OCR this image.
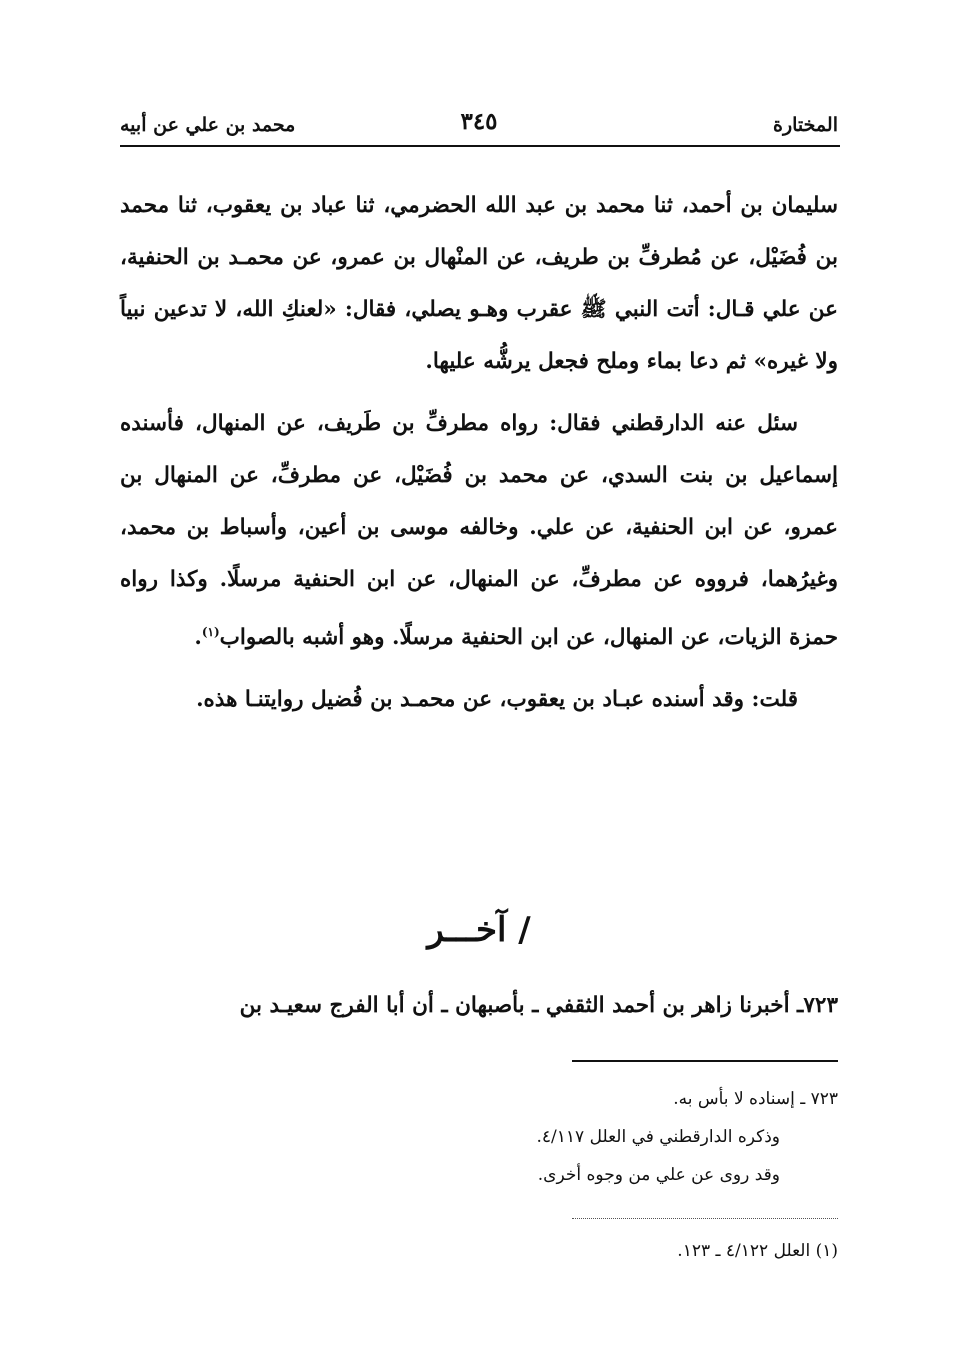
المختارة
٣٤٥
محمد بن علي عن أبيه

سليمان بن أحمد، ثنا محمد بن عبد الله الحضرمي، ثنا عباد بن يعقوب، ثنا محمد بن فُضَيْل، عن مُطرفِّ بن طريف، عن المنْهال بن عمرو، عن محمـد بن الحنفية، عن علي قـال: أتت النبي ﷺ عقرب وهـو يصلي، فقال: «لعنكِ الله، لا تدعين نبياً ولا غيره» ثم دعا بماء وملح فجعل يرشُّه عليها.

سئل عنه الدارقطني فقال: رواه مطرفِّ بن طَريف، عن المنهال، فأسنده إسماعيل بن بنت السدي، عن محمد بن فُضَيْل، عن مطرفِّ، عن المنهال بن عمرو، عن ابن الحنفية، عن علي. وخالفه موسى بن أعين، وأسباط بن محمد، وغيرُهما، فرووه عن مطرفِّ، عن المنهال، عن ابن الحنفية مرسلًا. وكذا رواه حمزة الزيات، عن المنهال، عن ابن الحنفية مرسلًا. وهو أشبه بالصواب$^{(١)}$.

قلت: وقد أسنده عبـاد بن يعقوب، عن محمـد بن فُضيل روايتنـا هذه.

/ آخـــر
٧٢٣ـ أخبرنا زاهر بن أحمد الثقفي ـ بأصبهان ـ أن أبا الفرج سعيـد بن

٧٢٣ ـ إسناده لا بأس به.

وذكره الدارقطني في العلل ٤/١١٧.

وقد روى عن علي من وجوه أخرى.

(١) العلل ٤/١٢٢ ـ ١٢٣.
